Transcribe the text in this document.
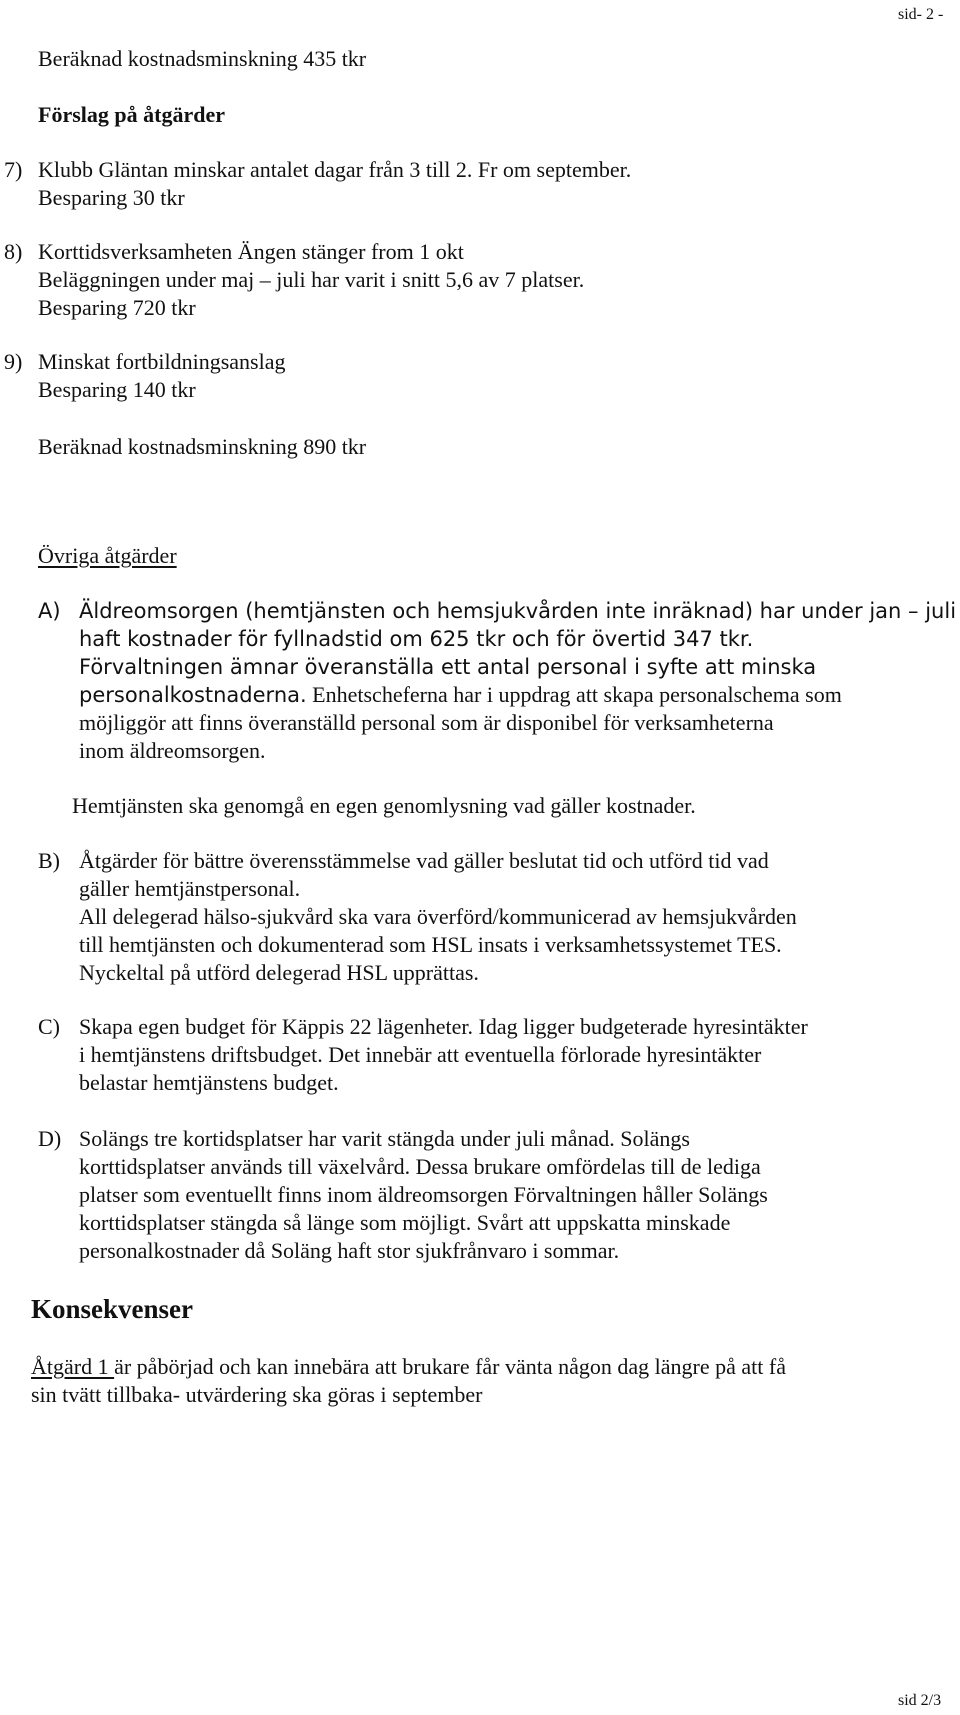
sid- 2 -
Beräknad kostnadsminskning 435 tkr
Förslag på åtgärder
7) Klubb Gläntan minskar antalet dagar från 3 till 2. Fr om september.
Besparing 30 tkr
8) Korttidsverksamheten Ängen stänger from 1 okt
Beläggningen under maj – juli har varit i snitt 5,6 av 7 platser.
Besparing 720 tkr
9) Minskat fortbildningsanslag
Besparing 140 tkr
Beräknad kostnadsminskning 890 tkr
Övriga åtgärder
A) Äldreomsorgen (hemtjänsten och hemsjukvården inte inräknad) har under jan – juli
haft kostnader för fyllnadstid om 625 tkr och för övertid 347 tkr.
Förvaltningen ämnar överanställa ett antal personal i syfte att minska
personalkostnaderna. Enhetscheferna har i uppdrag att skapa personalschema som
möjliggör att finns överanställd personal som är disponibel för verksamheterna
inom äldreomsorgen.
Hemtjänsten ska genomgå en egen genomlysning vad gäller kostnader.
B) Åtgärder för bättre överensstämmelse vad gäller beslutat tid och utförd tid vad
gäller hemtjänstpersonal.
All delegerad hälso-sjukvård ska vara överförd/kommunicerad av hemsjukvården
till hemtjänsten och dokumenterad som HSL insats i verksamhetssystemet TES.
Nyckeltal på utförd delegerad HSL upprättas.
C) Skapa egen budget för Käppis 22 lägenheter. Idag ligger budgeterade hyresintäkter
i hemtjänstens driftsbudget. Det innebär att eventuella förlorade hyresintäkter
belastar hemtjänstens budget.
D) Solängs tre kortidsplatser har varit stängda under juli månad. Solängs
korttidsplatser används till växelvård. Dessa brukare omfördelas till de lediga
platser som eventuellt finns inom äldreomsorgen Förvaltningen håller Solängs
korttidsplatser stängda så länge som möjligt. Svårt att uppskatta minskade
personalkostnader då Soläng haft stor sjukfrånvaro i sommar.
Konsekvenser
Åtgärd 1 är påbörjad och kan innebära att brukare får vänta någon dag längre på att få
sin tvätt tillbaka- utvärdering ska göras i september
sid 2/3
